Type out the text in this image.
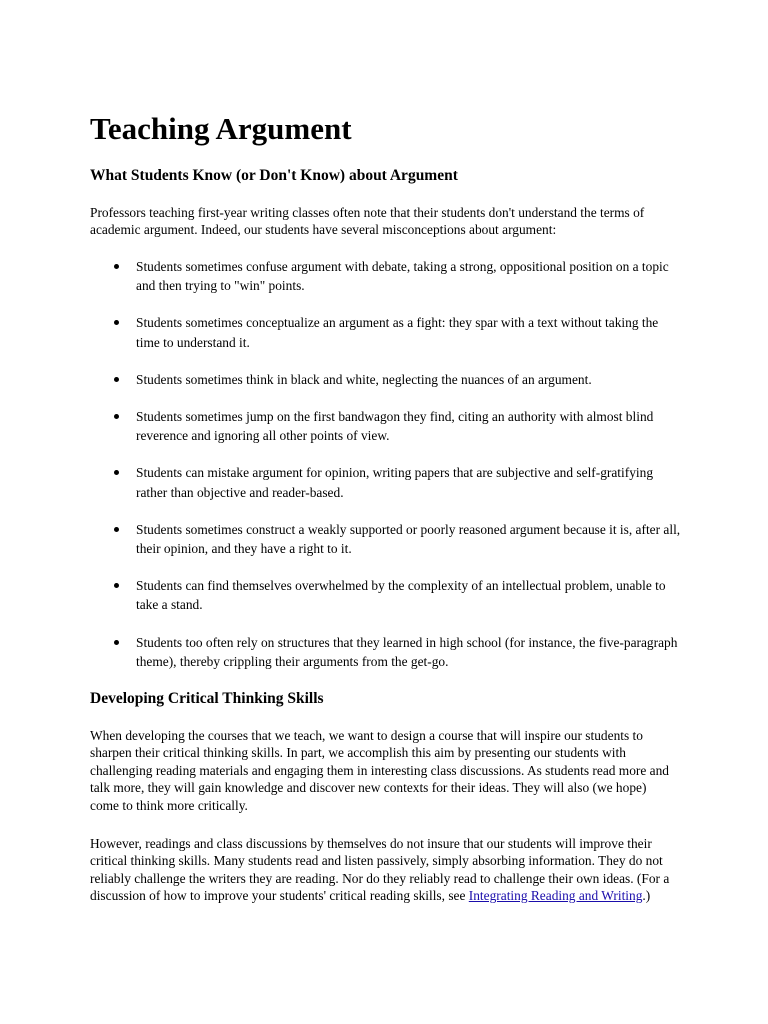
Teaching Argument
What Students Know (or Don't Know) about Argument

Professors teaching first-year writing classes often note that their students don't understand the terms of academic argument. Indeed, our students have several misconceptions about argument:

Students sometimes confuse argument with debate, taking a strong, oppositional position on a topic and then trying to "win" points.
Students sometimes conceptualize an argument as a fight: they spar with a text without taking the time to understand it.
Students sometimes think in black and white, neglecting the nuances of an argument.
Students sometimes jump on the first bandwagon they find, citing an authority with almost blind reverence and ignoring all other points of view.
Students can mistake argument for opinion, writing papers that are subjective and self-gratifying rather than objective and reader-based.
Students sometimes construct a weakly supported or poorly reasoned argument because it is, after all, their opinion, and they have a right to it.
Students can find themselves overwhelmed by the complexity of an intellectual problem, unable to take a stand.
Students too often rely on structures that they learned in high school (for instance, the five-paragraph theme), thereby crippling their arguments from the get-go.
Developing Critical Thinking Skills

When developing the courses that we teach, we want to design a course that will inspire our students to sharpen their critical thinking skills. In part, we accomplish this aim by presenting our students with challenging reading materials and engaging them in interesting class discussions. As students read more and talk more, they will gain knowledge and discover new contexts for their ideas. They will also (we hope) come to think more critically.

However, readings and class discussions by themselves do not insure that our students will improve their critical thinking skills. Many students read and listen passively, simply absorbing information. They do not reliably challenge the writers they are reading. Nor do they reliably read to challenge their own ideas. (For a discussion of how to improve your students' critical reading skills, see Integrating Reading and Writing.)
